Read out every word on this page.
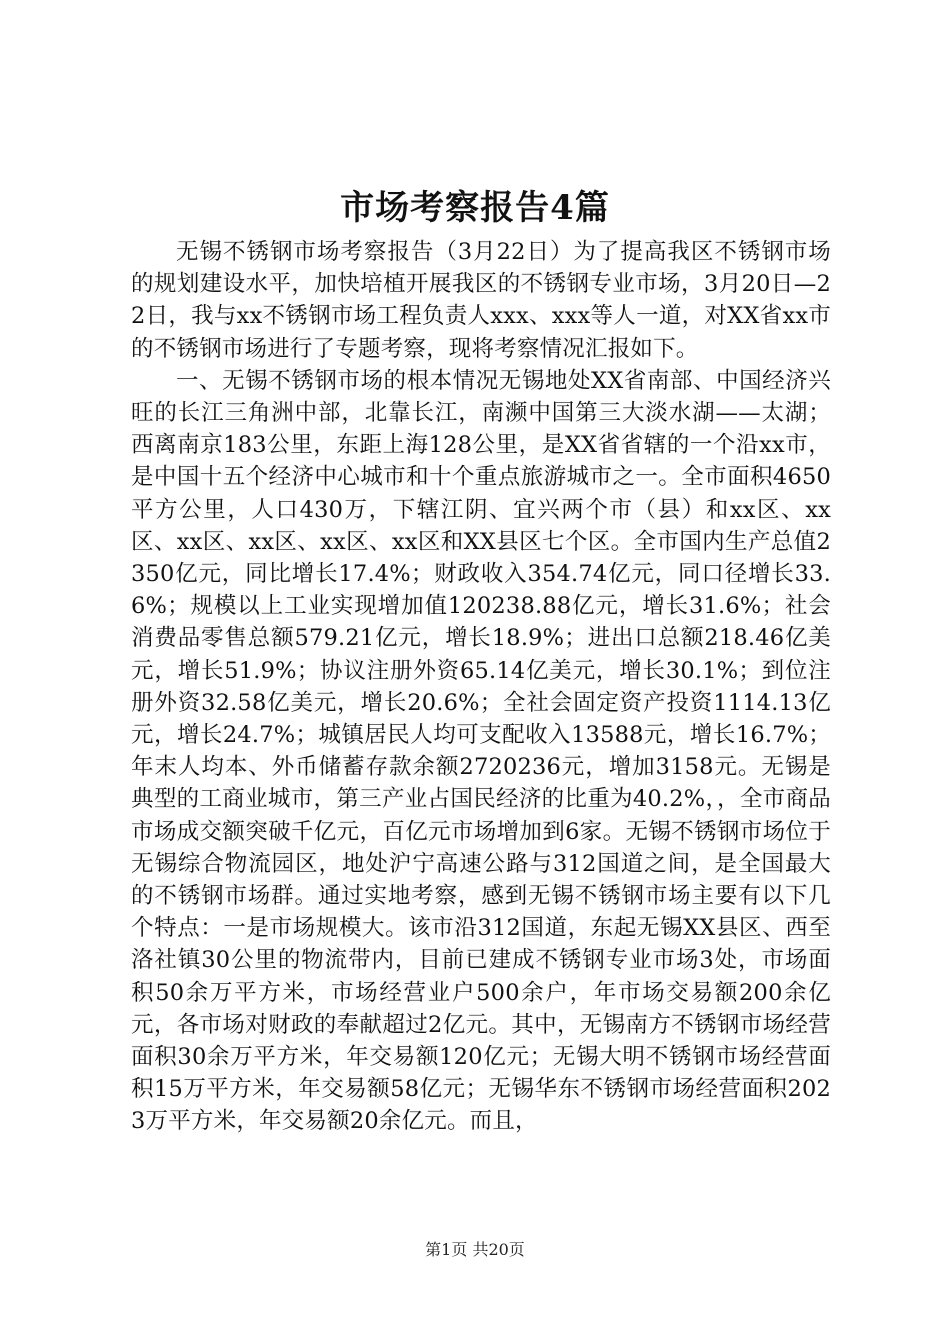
市场考察报告4篇

无锡不锈钢市场考察报告（3月22日）为了提高我区不锈钢市场的规划建设水平，加快培植开展我区的不锈钢专业市场，3月20日—22日，我与xx不锈钢市场工程负责人xxx、xxx等人一道，对XX省xx市的不锈钢市场进行了专题考察，现将考察情况汇报如下。

一、无锡不锈钢市场的根本情况无锡地处XX省南部、中国经济兴旺的长江三角洲中部，北靠长江，南濒中国第三大淡水湖——太湖；西离南京183公里，东距上海128公里，是XX省省辖的一个沿xx市，是中国十五个经济中心城市和十个重点旅游城市之一。全市面积4650平方公里，人口430万，下辖江阴、宜兴两个市（县）和xx区、xx区、xx区、xx区、xx区、xx区和XX县区七个区。全市国内生产总值2350亿元，同比增长17.4%；财政收入354.74亿元，同口径增长33.6%；规模以上工业实现增加值120238.88亿元，增长31.6%；社会消费品零售总额579.21亿元，增长18.9%；进出口总额218.46亿美元，增长51.9%；协议注册外资65.14亿美元，增长30.1%；到位注册外资32.58亿美元，增长20.6%；全社会固定资产投资1114.13亿元，增长24.7%；城镇居民人均可支配收入13588元，增长16.7%；年末人均本、外币储蓄存款余额2720236元，增加3158元。无锡是典型的工商业城市，第三产业占国民经济的比重为40.2%，，全市商品市场成交额突破千亿元，百亿元市场增加到6家。无锡不锈钢市场位于无锡综合物流园区，地处沪宁高速公路与312国道之间，是全国最大的不锈钢市场群。通过实地考察，感到无锡不锈钢市场主要有以下几个特点：一是市场规模大。该市沿312国道，东起无锡XX县区、西至洛社镇30公里的物流带内，目前已建成不锈钢专业市场3处，市场面积50余万平方米，市场经营业户500余户，年市场交易额200余亿元，各市场对财政的奉献超过2亿元。其中，无锡南方不锈钢市场经营面积30余万平方米，年交易额120亿元；无锡大明不锈钢市场经营面积15万平方米，年交易额58亿元；无锡华东不锈钢市场经营面积2023万平方米，年交易额20余亿元。而且，

第1页 共20页
